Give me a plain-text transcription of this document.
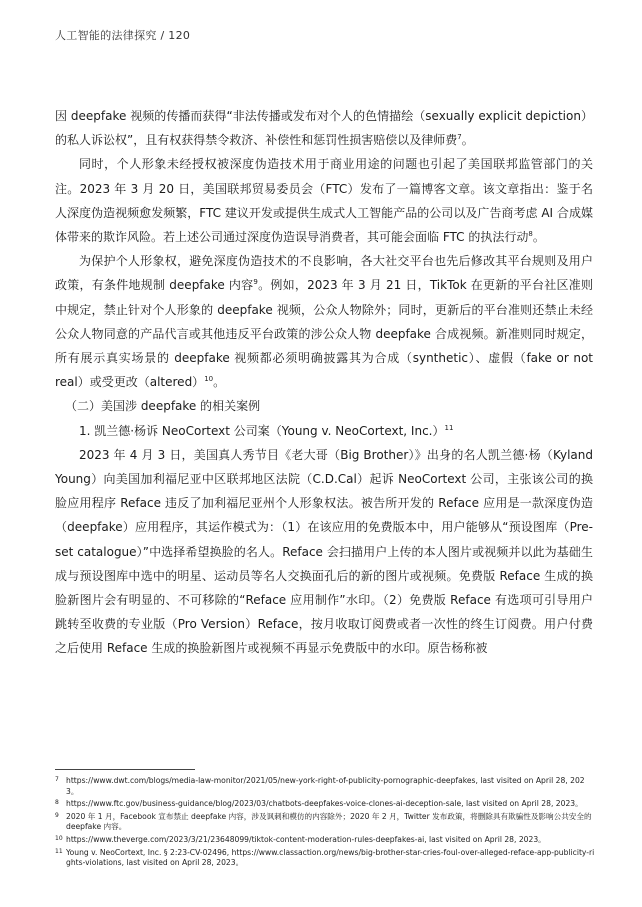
人工智能的法律探究 / 120

因 deepfake 视频的传播而获得“非法传播或发布对个人的色情描绘（sexually explicit depiction）的私人诉讼权”，且有权获得禁令救济、补偿性和惩罚性损害赔偿以及律师费$^7$。

同时，个人形象未经授权被深度伪造技术用于商业用途的问题也引起了美国联邦监管部门的关注。2023 年 3 月 20 日，美国联邦贸易委员会（FTC）发布了一篇博客文章。该文章指出：鉴于名人深度伪造视频愈发频繁，FTC 建议开发或提供生成式人工智能产品的公司以及广告商考虑 AI 合成媒体带来的欺诈风险。若上述公司通过深度伪造误导消费者，其可能会面临 FTC 的执法行动$^8$。

为保护个人形象权，避免深度伪造技术的不良影响，各大社交平台也先后修改其平台规则及用户政策，有条件地规制 deepfake 内容$^9$。例如，2023 年 3 月 21 日，TikTok 在更新的平台社区准则中规定，禁止针对个人形象的 deepfake 视频，公众人物除外；同时，更新后的平台准则还禁止未经公众人物同意的产品代言或其他违反平台政策的涉公众人物 deepfake 合成视频。新准则同时规定，所有展示真实场景的 deepfake 视频都必须明确披露其为合成（synthetic）、虚假（fake or not real）或受更改（altered）$^{10}$。

（二）美国涉 deepfake 的相关案例

1. 凯兰德·杨诉 NeoCortext 公司案（Young v. NeoCortext, Inc.）$^{11}$

2023 年 4 月 3 日，美国真人秀节目《老大哥（Big Brother）》出身的名人凯兰德·杨（Kyland Young）向美国加利福尼亚中区联邦地区法院（C.D.Cal）起诉 NeoCortext 公司，主张该公司的换脸应用程序 Reface 违反了加利福尼亚州个人形象权法。被告所开发的 Reface 应用是一款深度伪造（deepfake）应用程序，其运作模式为：（1）在该应用的免费版本中，用户能够从“预设图库（Pre-set catalogue）”中选择希望换脸的名人。Reface 会扫描用户上传的本人图片或视频并以此为基础生成与预设图库中选中的明星、运动员等名人交换面孔后的新的图片或视频。免费版 Reface 生成的换脸新图片会有明显的、不可移除的“Reface 应用制作”水印。（2）免费版 Reface 有选项可引导用户跳转至收费的专业版（Pro Version）Reface，按月收取订阅费或者一次性的终生订阅费。用户付费之后使用 Reface 生成的换脸新图片或视频不再显示免费版中的水印。原告杨称被

7 https://www.dwt.com/blogs/media-law-monitor/2021/05/new-york-right-of-publicity-pornographic-deepfakes, last visited on April 28, 2023。
8 https://www.ftc.gov/business-guidance/blog/2023/03/chatbots-deepfakes-voice-clones-ai-deception-sale, last visited on April 28, 2023。
9 2020 年 1 月，Facebook 宣布禁止 deepfake 内容，涉及讽刺和模仿的内容除外；2020 年 2 月，Twitter 发布政策，将删除具有欺骗性及影响公共安全的 deepfake 内容。
10 https://www.theverge.com/2023/3/21/23648099/tiktok-content-moderation-rules-deepfakes-ai, last visited on April 28, 2023。
11 Young v. NeoCortext, Inc. § 2:23-CV-02496, https://www.classaction.org/news/big-brother-star-cries-foul-over-alleged-reface-app-publicity-rights-violations, last visited on April 28, 2023。
